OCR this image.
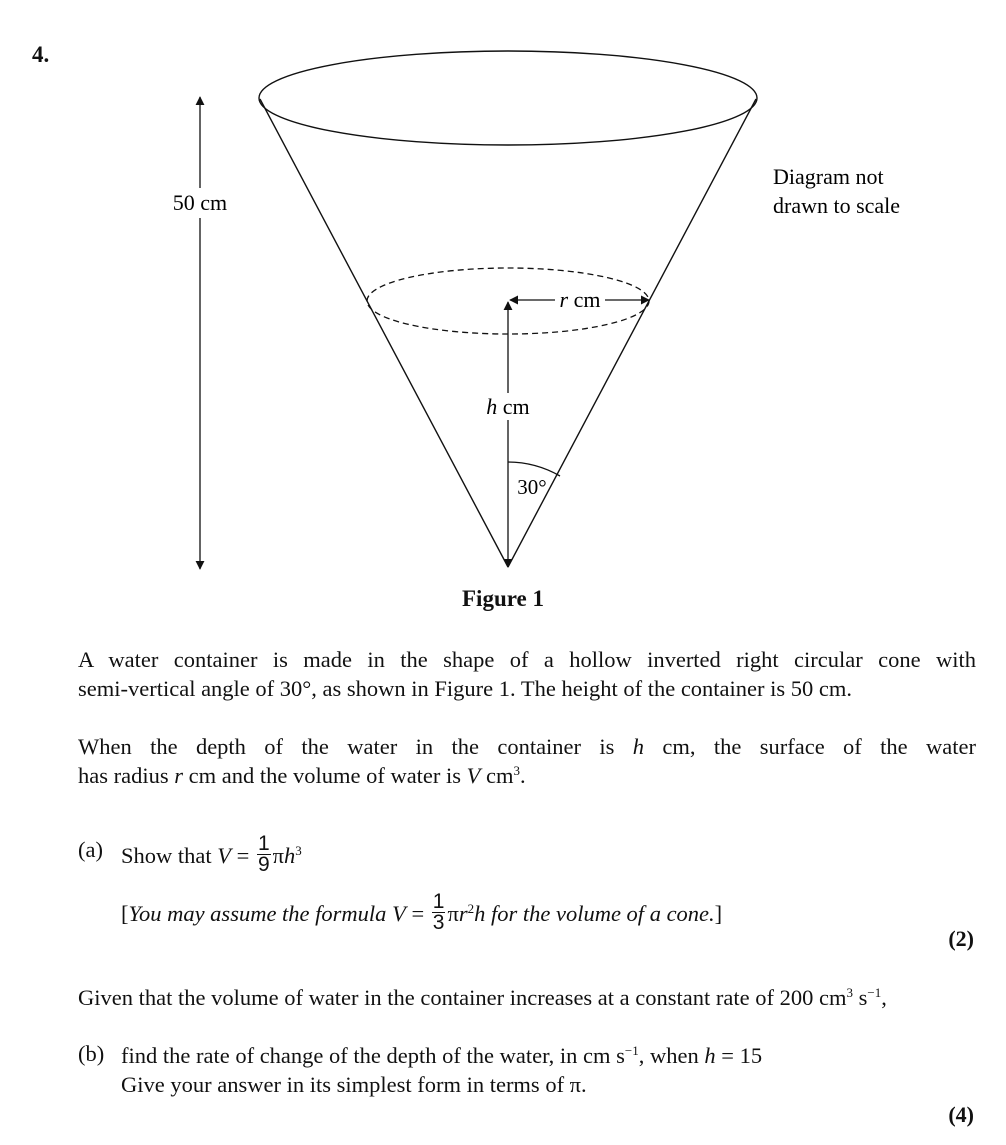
4.
50 cm
h cm
r cm
30°
Diagram not
drawn to scale
Figure 1
A water container is made in the shape of a hollow inverted right circular cone with
semi-vertical angle of 30°, as shown in Figure 1. The height of the container is 50 cm.
When the depth of the water in the container is h cm, the surface of the water
has radius r cm and the volume of water is V $cm^3$.
(a) Show that $V = \frac{1}{9} \pi h^3$
[You may assume the formula $V = \frac{1}{3} \pi r^2h$ for the volume of a cone.]
(2)
Given that the volume of water in the container increases at a constant rate of 200 $cm^3$ $s^{-1}$,
(b) find the rate of change of the depth of the water, in cm $s^{-1}$, when h = 15
Give your answer in its simplest form in terms of π.
(4)
